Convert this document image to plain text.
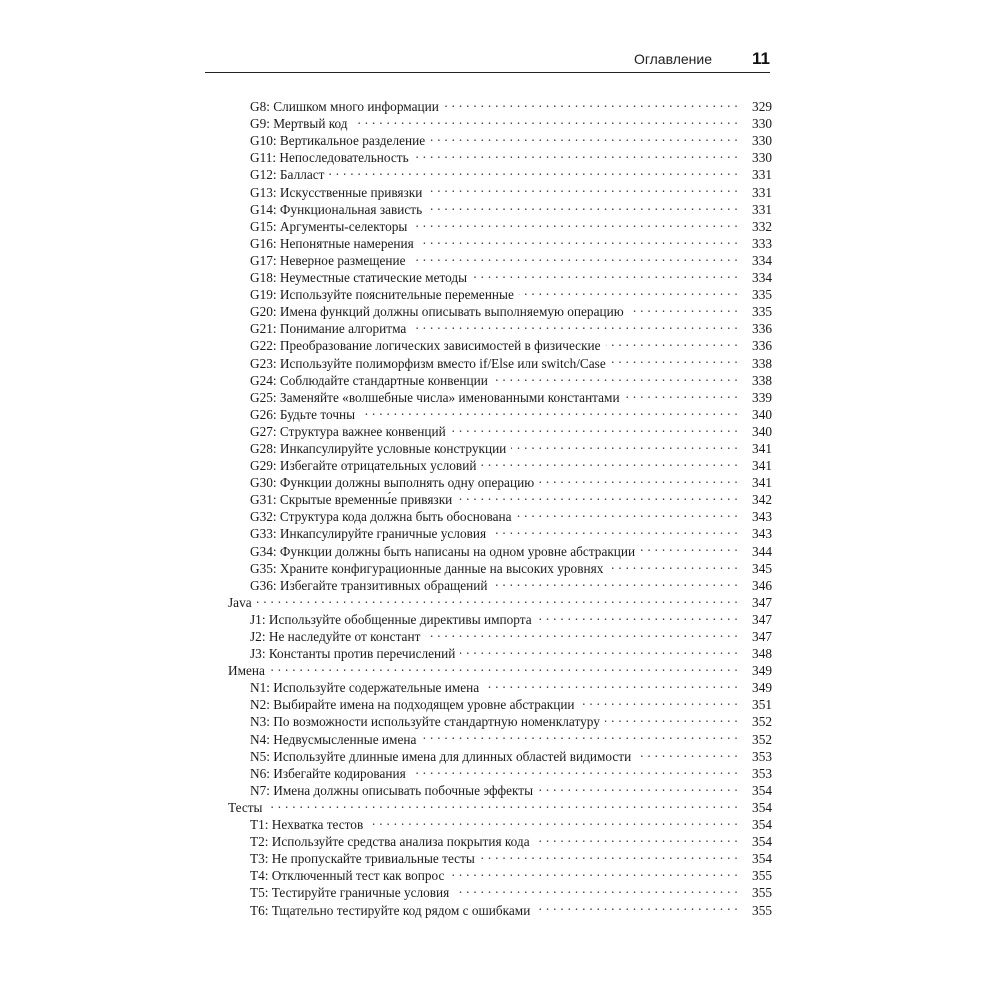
Оглавление 11
G8: Слишком много информации . . .	329
G9: Мертвый код . . .	330
G10: Вертикальное разделение . . .	330
G11: Непоследовательность . . .	330
G12: Балласт . . .	331
G13: Искусственные привязки . . .	331
G14: Функциональная зависть . . .	331
G15: Аргументы-селекторы . . .	332
G16: Непонятные намерения . . .	333
G17: Неверное размещение . . .	334
G18: Неуместные статические методы . . .	334
G19: Используйте пояснительные переменные . . .	335
G20: Имена функций должны описывать выполняемую операцию . . .	335
G21: Понимание алгоритма . . .	336
G22: Преобразование логических зависимостей в физические . . .	336
G23: Используйте полиморфизм вместо if/Else или switch/Case . . .	338
G24: Соблюдайте стандартные конвенции . . .	338
G25: Заменяйте «волшебные числа» именованными константами . . .	339
G26: Будьте точны . . .	340
G27: Структура важнее конвенций . . .	340
G28: Инкапсулируйте условные конструкции . . .	341
G29: Избегайте отрицательных условий . . .	341
G30: Функции должны выполнять одну операцию . . .	341
G31: Скрытые временны́е привязки . . .	342
G32: Структура кода должна быть обоснована . . .	343
G33: Инкапсулируйте граничные условия . . .	343
G34: Функции должны быть написаны на одном уровне абстракции . . .	344
G35: Храните конфигурационные данные на высоких уровнях . . .	345
G36: Избегайте транзитивных обращений . . .	346
Java . . .	347
J1: Используйте обобщенные директивы импорта . . .	347
J2: Не наследуйте от констант . . .	347
J3: Константы против перечислений . . .	348
Имена . . .	349
N1: Используйте содержательные имена . . .	349
N2: Выбирайте имена на подходящем уровне абстракции . . .	351
N3: По возможности используйте стандартную номенклатуру . . .	352
N4: Недвусмысленные имена . . .	352
N5: Используйте длинные имена для длинных областей видимости . . .	353
N6: Избегайте кодирования . . .	353
N7: Имена должны описывать побочные эффекты . . .	354
Тесты . . .	354
T1: Нехватка тестов . . .	354
T2: Используйте средства анализа покрытия кода . . .	354
T3: Не пропускайте тривиальные тесты . . .	354
T4: Отключенный тест как вопрос . . .	355
T5: Тестируйте граничные условия . . .	355
T6: Тщательно тестируйте код рядом с ошибками . . .	355
